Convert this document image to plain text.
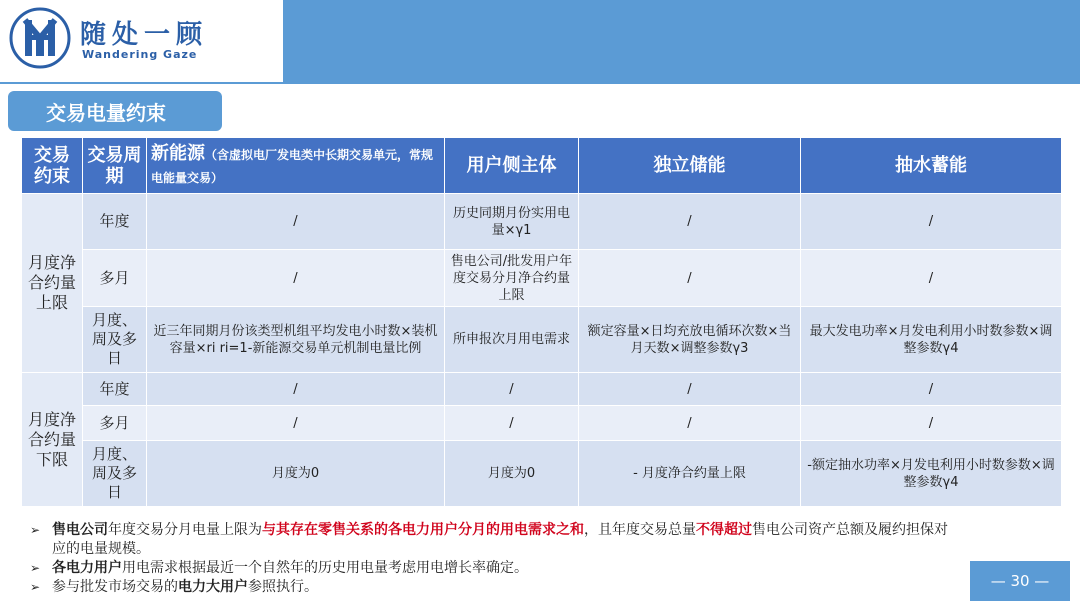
随处一顾
Wandering Gaze
交易电量约束
交易约束	交易周期	新能源（含虚拟电厂发电类中长期交易单元，常规电能量交易）	用户侧主体	独立储能	抽水蓄能
月度净合约量上限	年度	/	历史同期月份实用电量×γ1	/	/
	多月	/	售电公司/批发用户年度交易分月净合约量上限	/	/
	月度、周及多日	近三年同期月份该类型机组平均发电小时数×装机容量×ri ri=1-新能源交易单元机制电量比例	所申报次月用电需求	额定容量×日均充放电循环次数×当月天数×调整参数γ3	最大发电功率×月发电利用小时数参数×调整参数γ4
月度净合约量下限	年度	/	/	/	/
	多月	/	/	/	/
	月度、周及多日	月度为0	月度为0	- 月度净合约量上限	-额定抽水功率×月发电利用小时数参数×调整参数γ4
➢ 售电公司年度交易分月电量上限为与其存在零售关系的各电力用户分月的用电需求之和，且年度交易总量不得超过售电公司资产总额及履约担保对应的电量规模。
➢ 各电力用户用电需求根据最近一个自然年的历史用电量考虑用电增长率确定。
➢ 参与批发市场交易的电力大用户参照执行。	— 30 —
